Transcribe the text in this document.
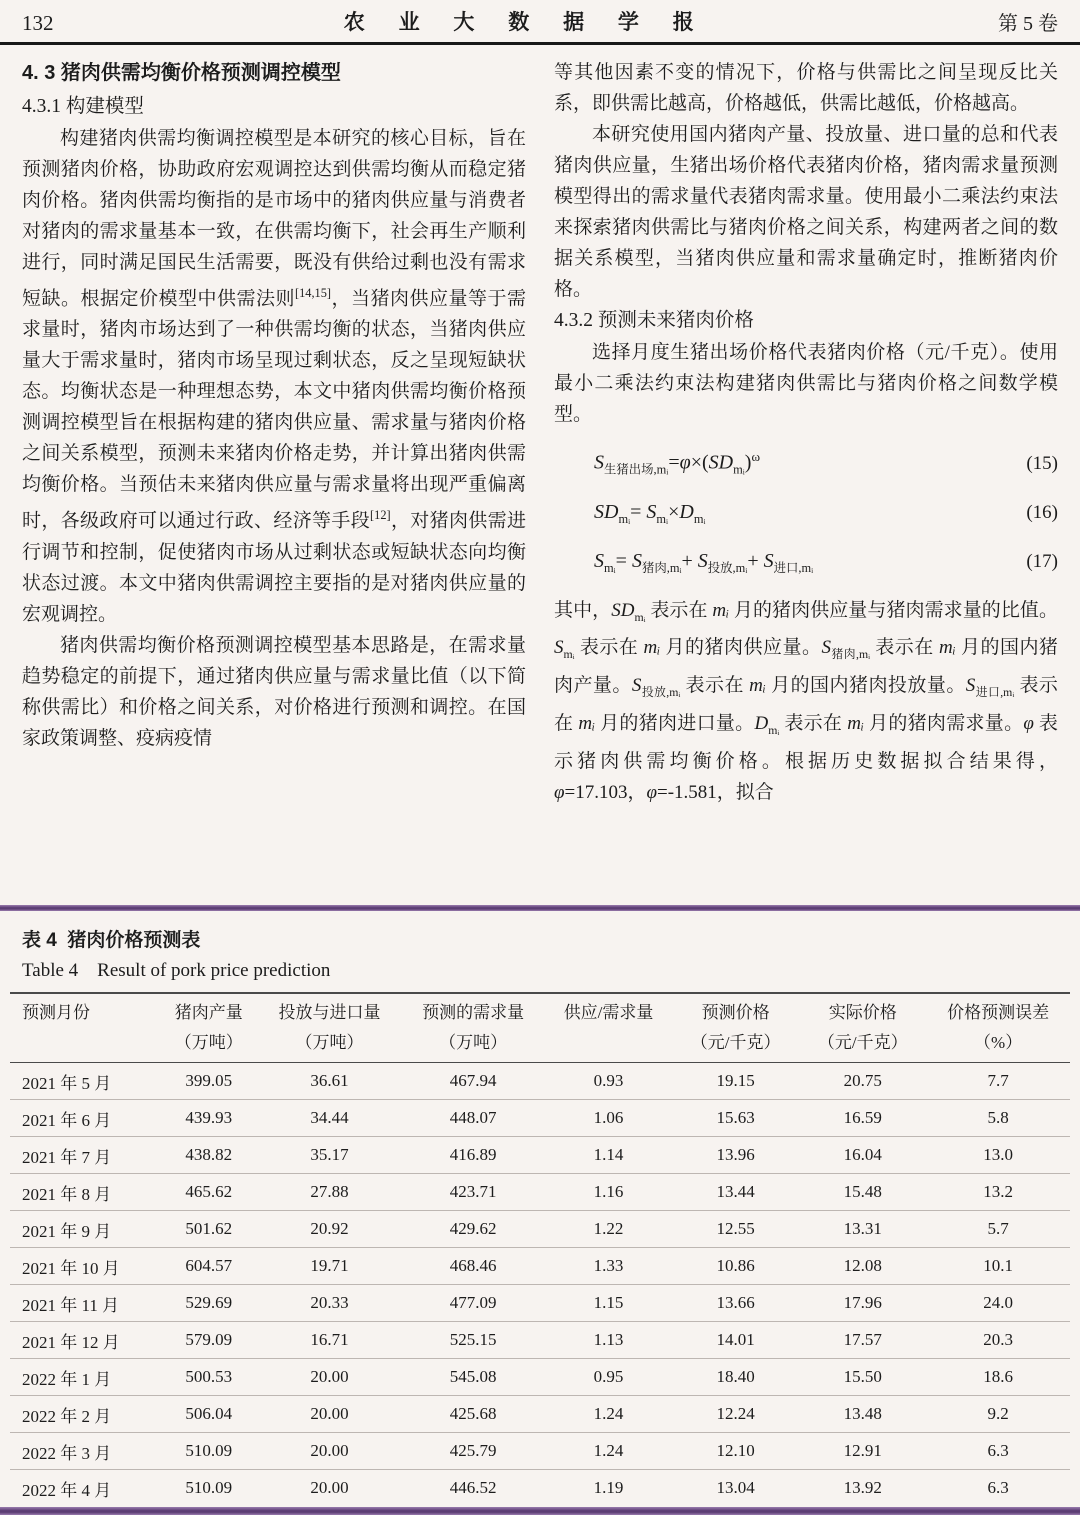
132	农 业 大 数 据 学 报	第 5 卷
4. 3 猪肉供需均衡价格预测调控模型
4.3.1 构建模型

构建猪肉供需均衡调控模型是本研究的核心目标，旨在预测猪肉价格，协助政府宏观调控达到供需均衡从而稳定猪肉价格。猪肉供需均衡指的是市场中的猪肉供应量与消费者对猪肉的需求量基本一致，在供需均衡下，社会再生产顺利进行，同时满足国民生活需要，既没有供给过剩也没有需求短缺。根据定价模型中供需法则[14,15]，当猪肉供应量等于需求量时，猪肉市场达到了一种供需均衡的状态，当猪肉供应量大于需求量时，猪肉市场呈现过剩状态，反之呈现短缺状态。均衡状态是一种理想态势，本文中猪肉供需均衡价格预测调控模型旨在根据构建的猪肉供应量、需求量与猪肉价格之间关系模型，预测未来猪肉价格走势，并计算出猪肉供需均衡价格。当预估未来猪肉供应量与需求量将出现严重偏离时，各级政府可以通过行政、经济等手段[12]，对猪肉供需进行调节和控制，促使猪肉市场从过剩状态或短缺状态向均衡状态过渡。本文中猪肉供需调控主要指的是对猪肉供应量的宏观调控。

猪肉供需均衡价格预测调控模型基本思路是，在需求量趋势稳定的前提下，通过猪肉供应量与需求量比值（以下简称供需比）和价格之间关系，对价格进行预测和调控。在国家政策调整、疫病疫情

等其他因素不变的情况下，价格与供需比之间呈现反比关系，即供需比越高，价格越低，供需比越低，价格越高。

本研究使用国内猪肉产量、投放量、进口量的总和代表猪肉供应量，生猪出场价格代表猪肉价格，猪肉需求量预测模型得出的需求量代表猪肉需求量。使用最小二乘法约束法来探索猪肉供需比与猪肉价格之间关系，构建两者之间的数据关系模型，当猪肉供应量和需求量确定时，推断猪肉价格。

4.3.2 预测未来猪肉价格

选择月度生猪出场价格代表猪肉价格（元/千克）。使用最小二乘法约束法构建猪肉供需比与猪肉价格之间数学模型。

$S_{生猪出场,mᵢ}=\varphi\times(SD_{mᵢ})^\omega$	(15)
$SD_{mᵢ}= S_{mᵢ}\times D_{mᵢ}$	(16)
$S_{mᵢ}= S_{猪肉,mᵢ}+ S_{投放,mᵢ}+ S_{进口,mᵢ}$	(17)

其中，$SD_{mᵢ}$ 表示在 mᵢ 月的猪肉供应量与猪肉需求量的比值。$S_{mᵢ}$ 表示在 mᵢ 月的猪肉供应量。$S_{猪肉,mᵢ}$ 表示在 mᵢ 月的国内猪肉产量。$S_{投放,mᵢ}$ 表示在 mᵢ 月的国内猪肉投放量。$S_{进口,mᵢ}$ 表示在 mᵢ 月的猪肉进口量。$D_{mᵢ}$ 表示在 mᵢ 月的猪肉需求量。φ 表示猪肉供需均衡价格。根据历史数据拟合结果得，φ=17.103，φ=-1.581，拟合

表 4  猪肉价格预测表
Table 4    Result of pork price prediction
预测月份	猪肉产量	投放与进口量	预测的需求量	供应/需求量	预测价格	实际价格	价格预测误差
	（万吨）	（万吨）	（万吨）		（元/千克）	（元/千克）	（%）
2021 年 5 月	399.05	36.61	467.94	0.93	19.15	20.75	7.7
2021 年 6 月	439.93	34.44	448.07	1.06	15.63	16.59	5.8
2021 年 7 月	438.82	35.17	416.89	1.14	13.96	16.04	13.0
2021 年 8 月	465.62	27.88	423.71	1.16	13.44	15.48	13.2
2021 年 9 月	501.62	20.92	429.62	1.22	12.55	13.31	5.7
2021 年 10 月	604.57	19.71	468.46	1.33	10.86	12.08	10.1
2021 年 11 月	529.69	20.33	477.09	1.15	13.66	17.96	24.0
2021 年 12 月	579.09	16.71	525.15	1.13	14.01	17.57	20.3
2022 年 1 月	500.53	20.00	545.08	0.95	18.40	15.50	18.6
2022 年 2 月	506.04	20.00	425.68	1.24	12.24	13.48	9.2
2022 年 3 月	510.09	20.00	425.79	1.24	12.10	12.91	6.3
2022 年 4 月	510.09	20.00	446.52	1.19	13.04	13.92	6.3
